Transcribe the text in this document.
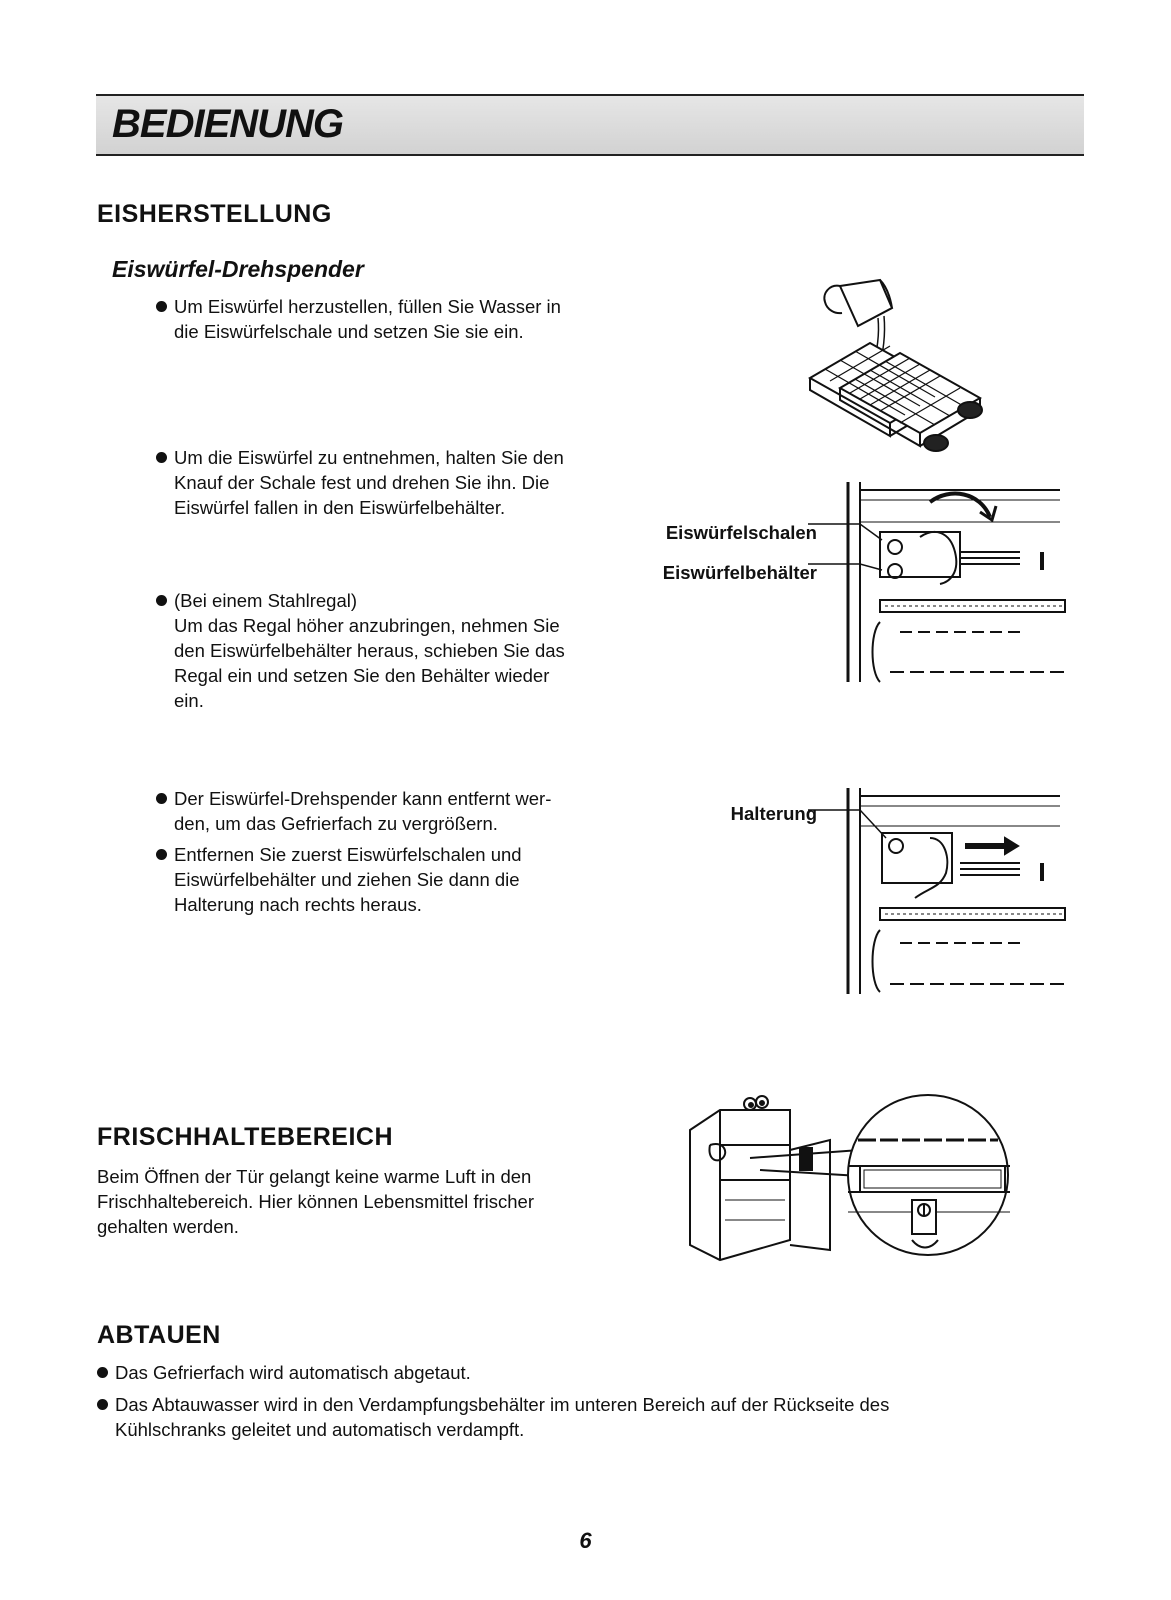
BEDIENUNG
EISHERSTELLUNG
Eiswürfel-Drehspender
Um Eiswürfel herzustellen, füllen Sie Wasser in
die Eiswürfelschale und setzen Sie sie ein.
Um die Eiswürfel zu entnehmen, halten Sie den
Knauf der Schale fest und drehen Sie ihn. Die
Eiswürfel fallen in den Eiswürfelbehälter.
(Bei einem Stahlregal)
Um das Regal höher anzubringen, nehmen Sie
den Eiswürfelbehälter heraus, schieben Sie das
Regal ein und setzen Sie den Behälter wieder
ein.
Der Eiswürfel-Drehspender kann entfernt wer-
den, um das Gefrierfach zu vergrößern.
Entfernen Sie zuerst Eiswürfelschalen und
Eiswürfelbehälter und ziehen Sie dann die
Halterung nach rechts heraus.
Eiswürfelschalen
Eiswürfelbehälter
Halterung
FRISCHHALTEBEREICH
Beim Öffnen der Tür gelangt keine warme Luft in den
Frischhaltebereich. Hier können Lebensmittel frischer
gehalten werden.
ABTAUEN
Das Gefrierfach wird automatisch abgetaut.
Das Abtauwasser wird in den Verdampfungsbehälter im unteren Bereich auf der Rückseite des
Kühlschranks geleitet und automatisch verdampft.
6
